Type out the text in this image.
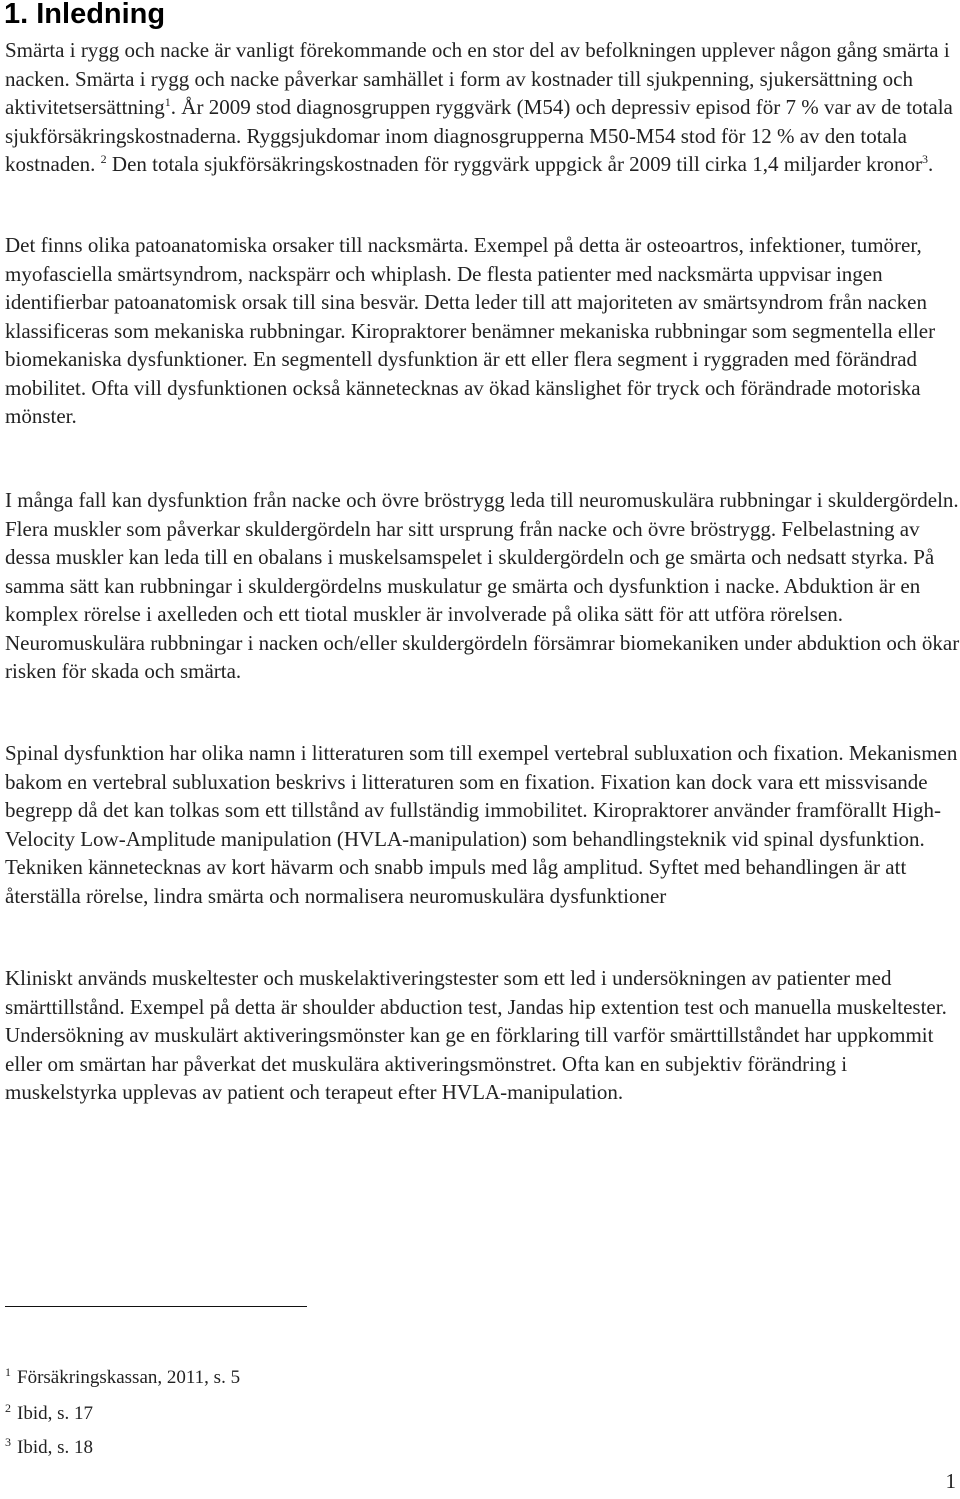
1. Inledning

Smärta i rygg och nacke är vanligt förekommande och en stor del av befolkningen upplever någon gång smärta i nacken. Smärta i rygg och nacke påverkar samhället i form av kostnader till sjukpenning, sjukersättning och aktivitetsersättning$^1$. År 2009 stod diagnosgruppen ryggvärk (M54) och depressiv episod för 7 % var av de totala sjukförsäkringskostnaderna. Ryggsjukdomar inom diagnosgrupperna M50-M54 stod för 12 % av den totala kostnaden. $^2$ Den totala sjukförsäkringskostnaden för ryggvärk uppgick år 2009 till cirka 1,4 miljarder kronor$^3$.

Det finns olika patoanatomiska orsaker till nacksmärta. Exempel på detta är osteoartros, infektioner, tumörer, myofasciella smärtsyndrom, nackspärr och whiplash. De flesta patienter med nacksmärta uppvisar ingen identifierbar patoanatomisk orsak till sina besvär. Detta leder till att majoriteten av smärtsyndrom från nacken klassificeras som mekaniska rubbningar. Kiropraktorer benämner mekaniska rubbningar som segmentella eller biomekaniska dysfunktioner. En segmentell dysfunktion är ett eller flera segment i ryggraden med förändrad mobilitet. Ofta vill dysfunktionen också kännetecknas av ökad känslighet för tryck och förändrade motoriska mönster.

I många fall kan dysfunktion från nacke och övre bröstrygg leda till neuromuskulära rubbningar i skuldergördeln. Flera muskler som påverkar skuldergördeln har sitt ursprung från nacke och övre bröstrygg. Felbelastning av dessa muskler kan leda till en obalans i muskelsamspelet i skuldergördeln och ge smärta och nedsatt styrka. På samma sätt kan rubbningar i skuldergördelns muskulatur ge smärta och dysfunktion i nacke. Abduktion är en komplex rörelse i axelleden och ett tiotal muskler är involverade på olika sätt för att utföra rörelsen. Neuromuskulära rubbningar i nacken och/eller skuldergördeln försämrar biomekaniken under abduktion och ökar risken för skada och smärta.

Spinal dysfunktion har olika namn i litteraturen som till exempel vertebral subluxation och fixation. Mekanismen bakom en vertebral subluxation beskrivs i litteraturen som en fixation. Fixation kan dock vara ett missvisande begrepp då det kan tolkas som ett tillstånd av fullständig immobilitet. Kiropraktorer använder framförallt High-Velocity Low-Amplitude manipulation (HVLA-manipulation) som behandlingsteknik vid spinal dysfunktion. Tekniken kännetecknas av kort hävarm och snabb impuls med låg amplitud. Syftet med behandlingen är att återställa rörelse, lindra smärta och normalisera neuromuskulära dysfunktioner

Kliniskt används muskeltester och muskelaktiveringstester som ett led i undersökningen av patienter med smärttillstånd. Exempel på detta är shoulder abduction test, Jandas hip extention test och manuella muskeltester. Undersökning av muskulärt aktiveringsmönster kan ge en förklaring till varför smärttillståndet har uppkommit eller om smärtan har påverkat det muskulära aktiveringsmönstret. Ofta kan en subjektiv förändring i muskelstyrka upplevas av patient och terapeut efter HVLA-manipulation.

$^1$ Försäkringskassan, 2011, s. 5
$^2$ Ibid, s. 17
$^3$ Ibid, s. 18
1
